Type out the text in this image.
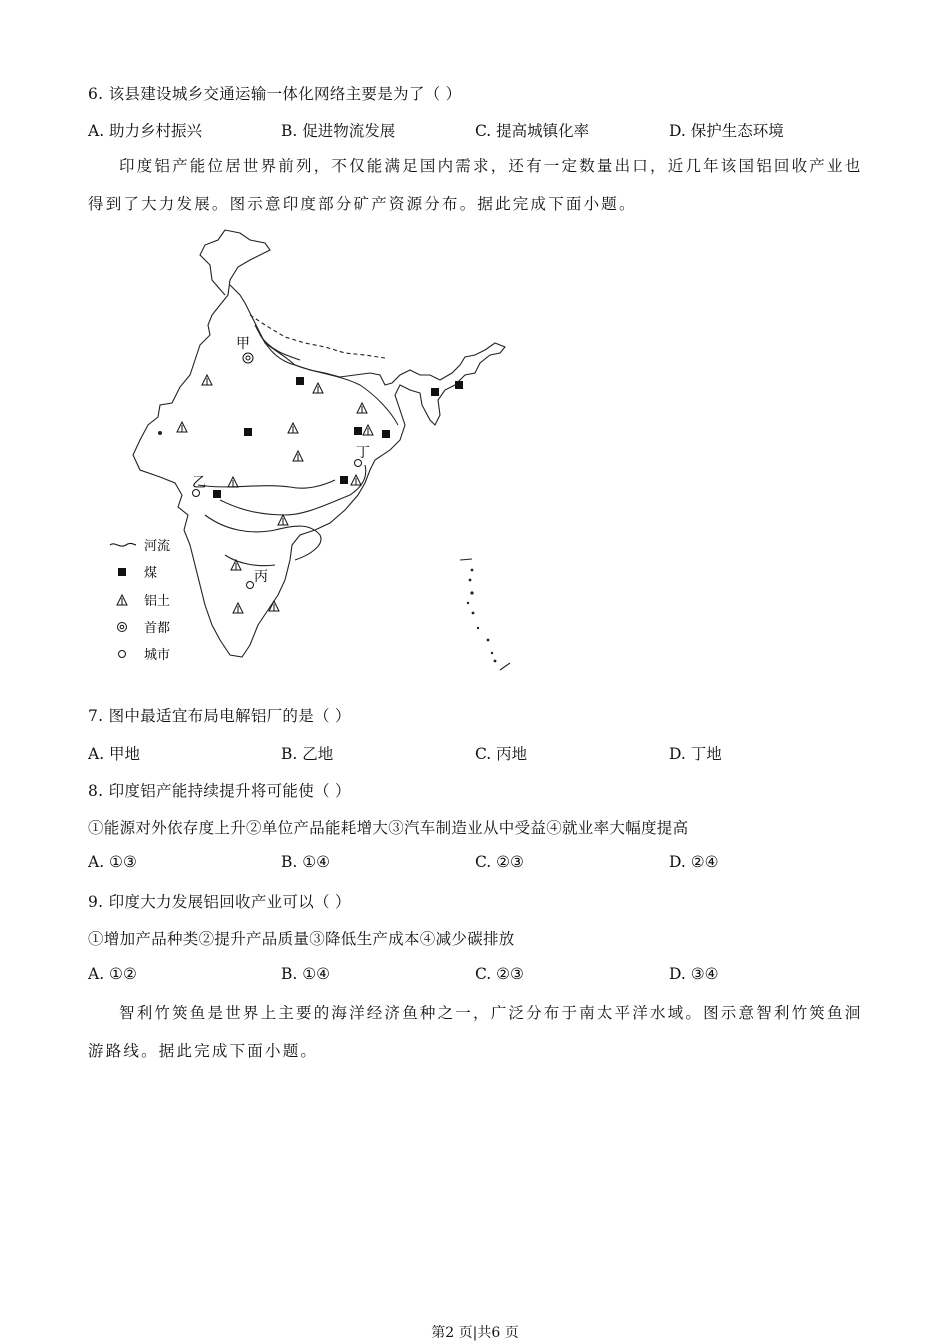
6. 该县建设城乡交通运输一体化网络主要是为了（ ）
A. 助力乡村振兴	B. 促进物流发展	C. 提高城镇化率	D. 保护生态环境
印度铝产能位居世界前列，不仅能满足国内需求，还有一定数量出口，近几年该国铝回收产业也得到了大力发展。图示意印度部分矿产资源分布。据此完成下面小题。
甲
乙
丙
丁
河流
煤
铝土
首都
城市
7. 图中最适宜布局电解铝厂的是（ ）
A. 甲地	B. 乙地	C. 丙地	D. 丁地
8. 印度铝产能持续提升将可能使（ ）
①能源对外依存度上升②单位产品能耗增大③汽车制造业从中受益④就业率大幅度提高
A. ①③	B. ①④	C. ②③	D. ②④
9. 印度大力发展铝回收产业可以（ ）
①增加产品种类②提升产品质量③降低生产成本④减少碳排放
A. ①②	B. ①④	C. ②③	D. ③④
智利竹筴鱼是世界上主要的海洋经济鱼种之一，广泛分布于南太平洋水域。图示意智利竹筴鱼洄游路线。据此完成下面小题。
第2 页|共6 页
